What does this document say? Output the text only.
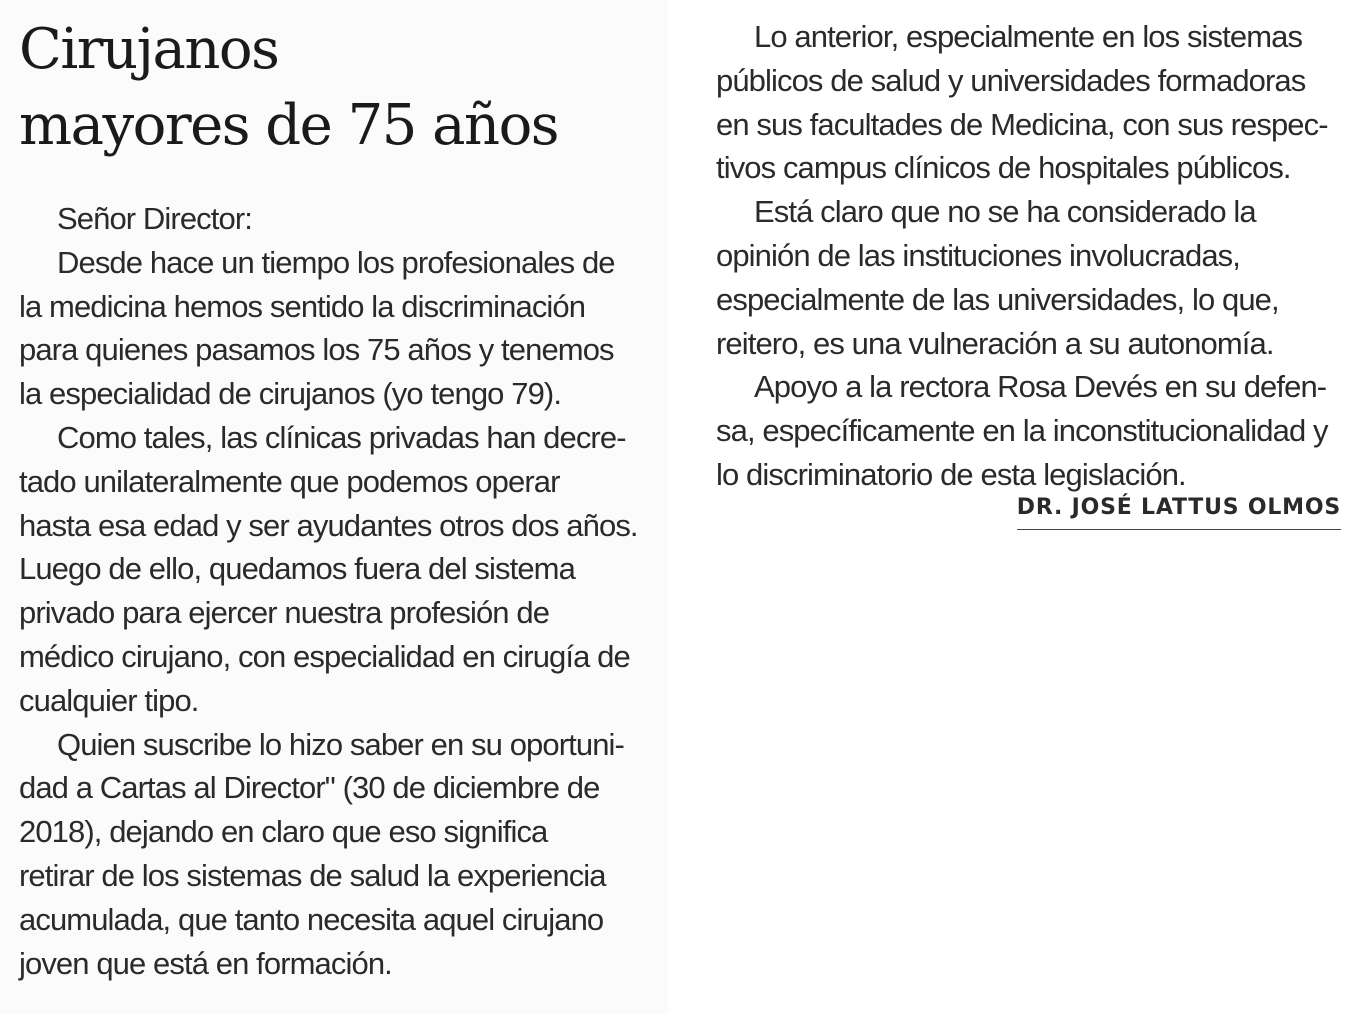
Cirujanos
mayores de 75 años
Señor Director:
Desde hace un tiempo los profesionales de
la medicina hemos sentido la discriminación
para quienes pasamos los 75 años y tenemos
la especialidad de cirujanos (yo tengo 79).
Como tales, las clínicas privadas han decre-
tado unilateralmente que podemos operar
hasta esa edad y ser ayudantes otros dos años.
Luego de ello, quedamos fuera del sistema
privado para ejercer nuestra profesión de
médico cirujano, con especialidad en cirugía de
cualquier tipo.
Quien suscribe lo hizo saber en su oportuni-
dad a Cartas al Director" (30 de diciembre de
2018), dejando en claro que eso significa
retirar de los sistemas de salud la experiencia
acumulada, que tanto necesita aquel cirujano
joven que está en formación.
Lo anterior, especialmente en los sistemas
públicos de salud y universidades formadoras
en sus facultades de Medicina, con sus respec-
tivos campus clínicos de hospitales públicos.
Está claro que no se ha considerado la
opinión de las instituciones involucradas,
especialmente de las universidades, lo que,
reitero, es una vulneración a su autonomía.
Apoyo a la rectora Rosa Devés en su defen-
sa, específicamente en la inconstitucionalidad y
lo discriminatorio de esta legislación.
DR. JOSÉ LATTUS OLMOS
